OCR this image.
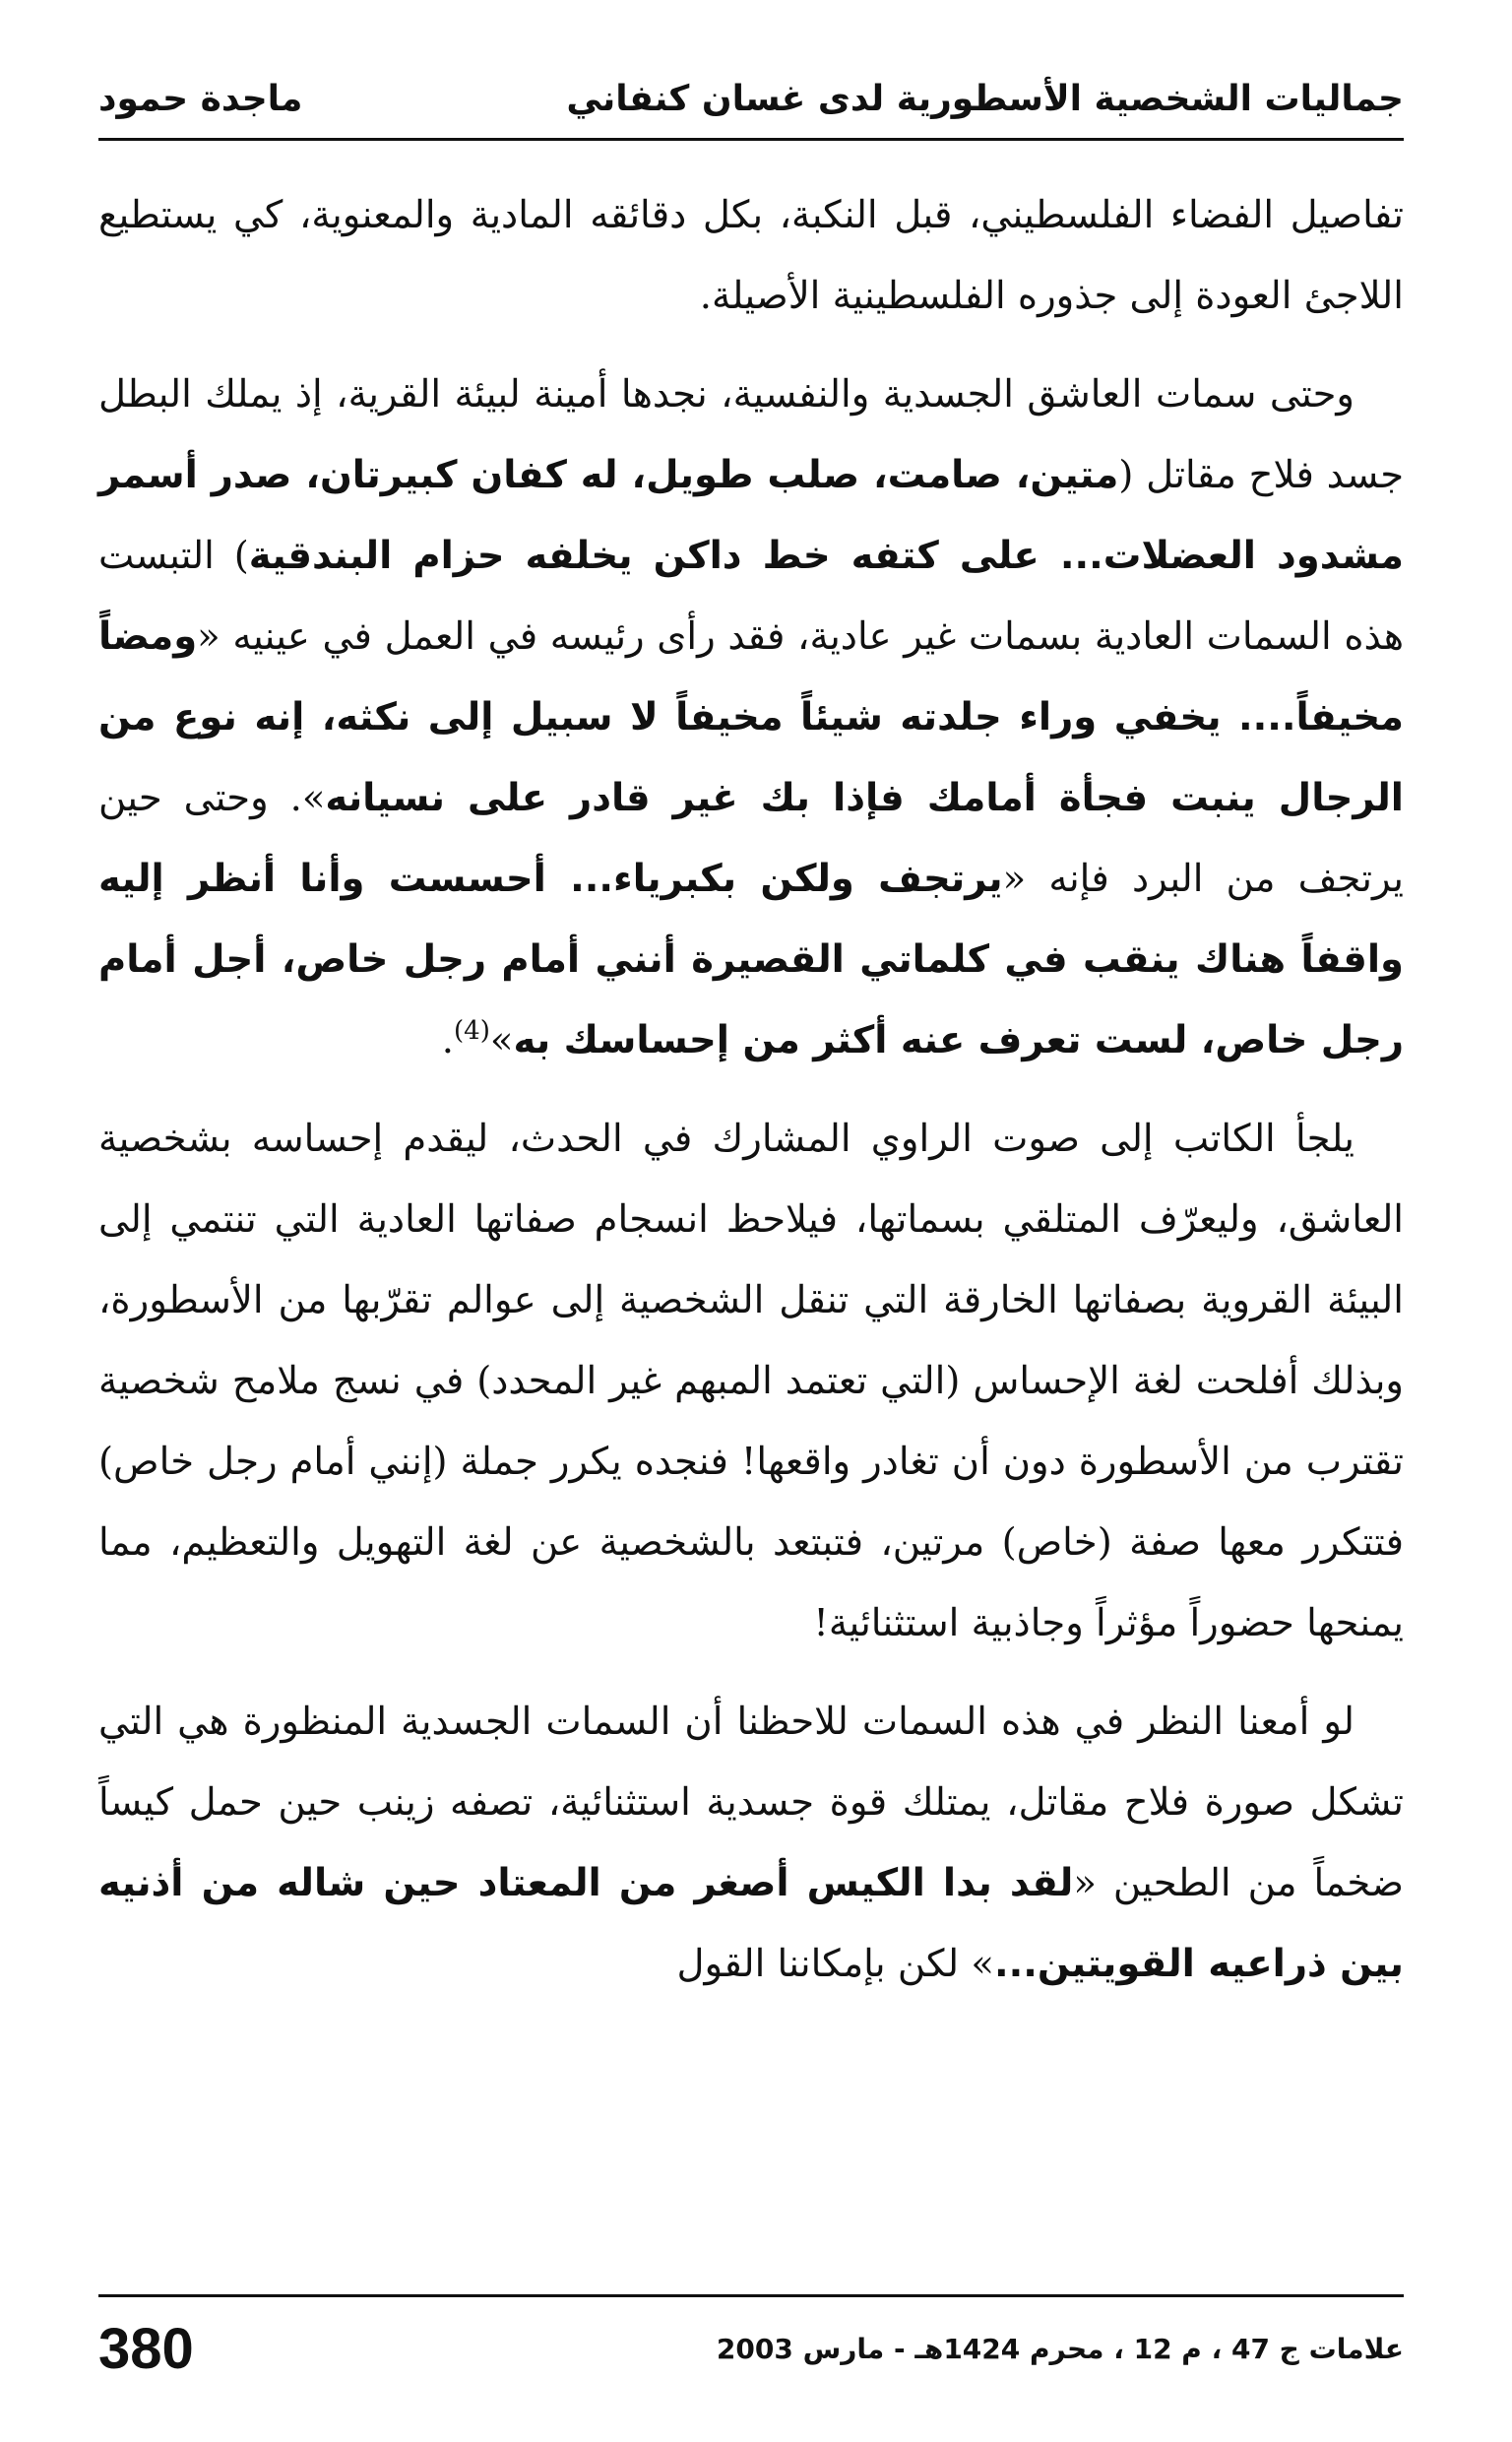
جماليات الشخصية الأسطورية لدى غسان كنفاني
ماجدة حمود

تفاصيل الفضاء الفلسطيني، قبل النكبة، بكل دقائقه المادية والمعنوية، كي يستطيع اللاجئ العودة إلى جذوره الفلسطينية الأصيلة.

وحتى سمات العاشق الجسدية والنفسية، نجدها أمينة لبيئة القرية، إذ يملك البطل جسد فلاح مقاتل (متين، صامت، صلب طويل، له كفان كبيرتان، صدر أسمر مشدود العضلات... على كتفه خط داكن يخلفه حزام البندقية) التبست هذه السمات العادية بسمات غير عادية، فقد رأى رئيسه في العمل في عينيه «ومضاً مخيفاً.... يخفي وراء جلدته شيئاً مخيفاً لا سبيل إلى نكثه، إنه نوع من الرجال ينبت فجأة أمامك فإذا بك غير قادر على نسيانه». وحتى حين يرتجف من البرد فإنه «يرتجف ولكن بكبرياء... أحسست وأنا أنظر إليه واقفاً هناك ينقب في كلماتي القصيرة أنني أمام رجل خاص، أجل أمام رجل خاص، لست تعرف عنه أكثر من إحساسك به»$^{(4)}$.

يلجأ الكاتب إلى صوت الراوي المشارك في الحدث، ليقدم إحساسه بشخصية العاشق، وليعرّف المتلقي بسماتها، فيلاحظ انسجام صفاتها العادية التي تنتمي إلى البيئة القروية بصفاتها الخارقة التي تنقل الشخصية إلى عوالم تقرّبها من الأسطورة، وبذلك أفلحت لغة الإحساس (التي تعتمد المبهم غير المحدد) في نسج ملامح شخصية تقترب من الأسطورة دون أن تغادر واقعها! فنجده يكرر جملة (إنني أمام رجل خاص) فتتكرر معها صفة (خاص) مرتين، فتبتعد بالشخصية عن لغة التهويل والتعظيم، مما يمنحها حضوراً مؤثراً وجاذبية استثنائية!

لو أمعنا النظر في هذه السمات للاحظنا أن السمات الجسدية المنظورة هي التي تشكل صورة فلاح مقاتل، يمتلك قوة جسدية استثنائية، تصفه زينب حين حمل كيساً ضخماً من الطحين «لقد بدا الكيس أصغر من المعتاد حين شاله من أذنيه بين ذراعيه القويتين...» لكن بإمكاننا القول

علامات ج 47 ، م 12 ، محرم 1424هـ - مارس 2003
380
